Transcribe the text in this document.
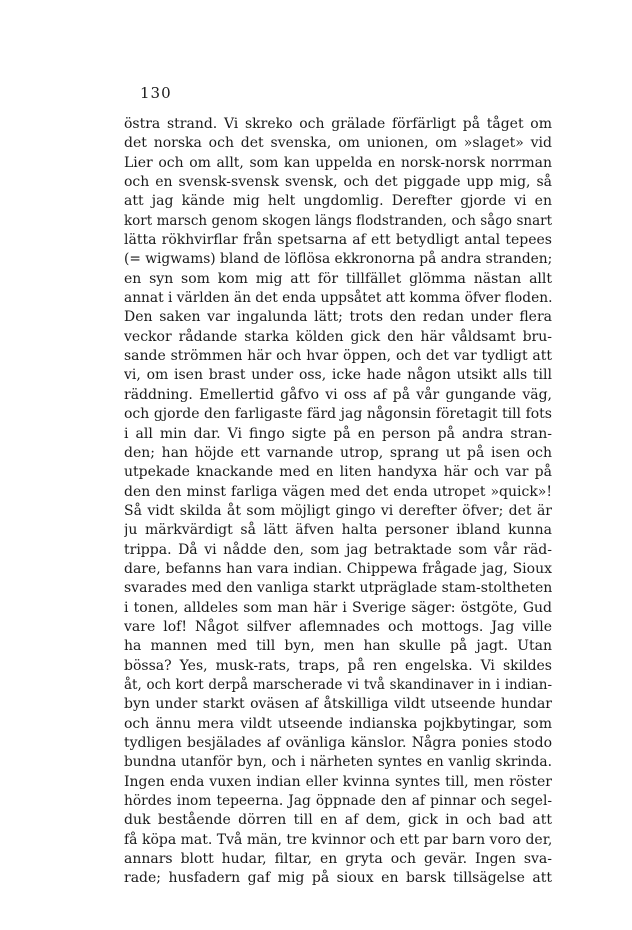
130
östra strand. Vi skreko och grälade förfärligt på tåget om
det norska och det svenska, om unionen, om »slaget» vid
Lier och om allt, som kan uppelda en norsk-norsk norrman
och en svensk-svensk svensk, och det piggade upp mig, så
att jag kände mig helt ungdomlig. Derefter gjorde vi en
kort marsch genom skogen längs flodstranden, och sågo snart
lätta rökhvirflar från spetsarna af ett betydligt antal tepees
(= wigwams) bland de löflösa ekkronorna på andra stranden;
en syn som kom mig att för tillfället glömma nästan allt
annat i världen än det enda uppsåtet att komma öfver floden.
Den saken var ingalunda lätt; trots den redan under flera
veckor rådande starka kölden gick den här våldsamt bru-
sande strömmen här och hvar öppen, och det var tydligt att
vi, om isen brast under oss, icke hade någon utsikt alls till
räddning. Emellertid gåfvo vi oss af på vår gungande väg,
och gjorde den farligaste färd jag någonsin företagit till fots
i all min dar. Vi fingo sigte på en person på andra stran-
den; han höjde ett varnande utrop, sprang ut på isen och
utpekade knackande med en liten handyxa här och var på
den den minst farliga vägen med det enda utropet »quick»!
Så vidt skilda åt som möjligt gingo vi derefter öfver; det är
ju märkvärdigt så lätt äfven halta personer ibland kunna
trippa. Då vi nådde den, som jag betraktade som vår räd-
dare, befanns han vara indian. Chippewa frågade jag, Sioux
svarades med den vanliga starkt utpräglade stam-stoltheten
i tonen, alldeles som man här i Sverige säger: östgöte, Gud
vare lof! Något silfver aflemnades och mottogs. Jag ville
ha mannen med till byn, men han skulle på jagt. Utan
bössa? Yes, musk-rats, traps, på ren engelska. Vi skildes
åt, och kort derpå marscherade vi två skandinaver in i indian-
byn under starkt oväsen af åtskilliga vildt utseende hundar
och ännu mera vildt utseende indianska pojkbytingar, som
tydligen besjälades af ovänliga känslor. Några ponies stodo
bundna utanför byn, och i närheten syntes en vanlig skrinda.
Ingen enda vuxen indian eller kvinna syntes till, men röster
hördes inom tepeerna. Jag öppnade den af pinnar och segel-
duk bestående dörren till en af dem, gick in och bad att
få köpa mat. Två män, tre kvinnor och ett par barn voro der,
annars blott hudar, filtar, en gryta och gevär. Ingen sva-
rade; husfadern gaf mig på sioux en barsk tillsägelse att
